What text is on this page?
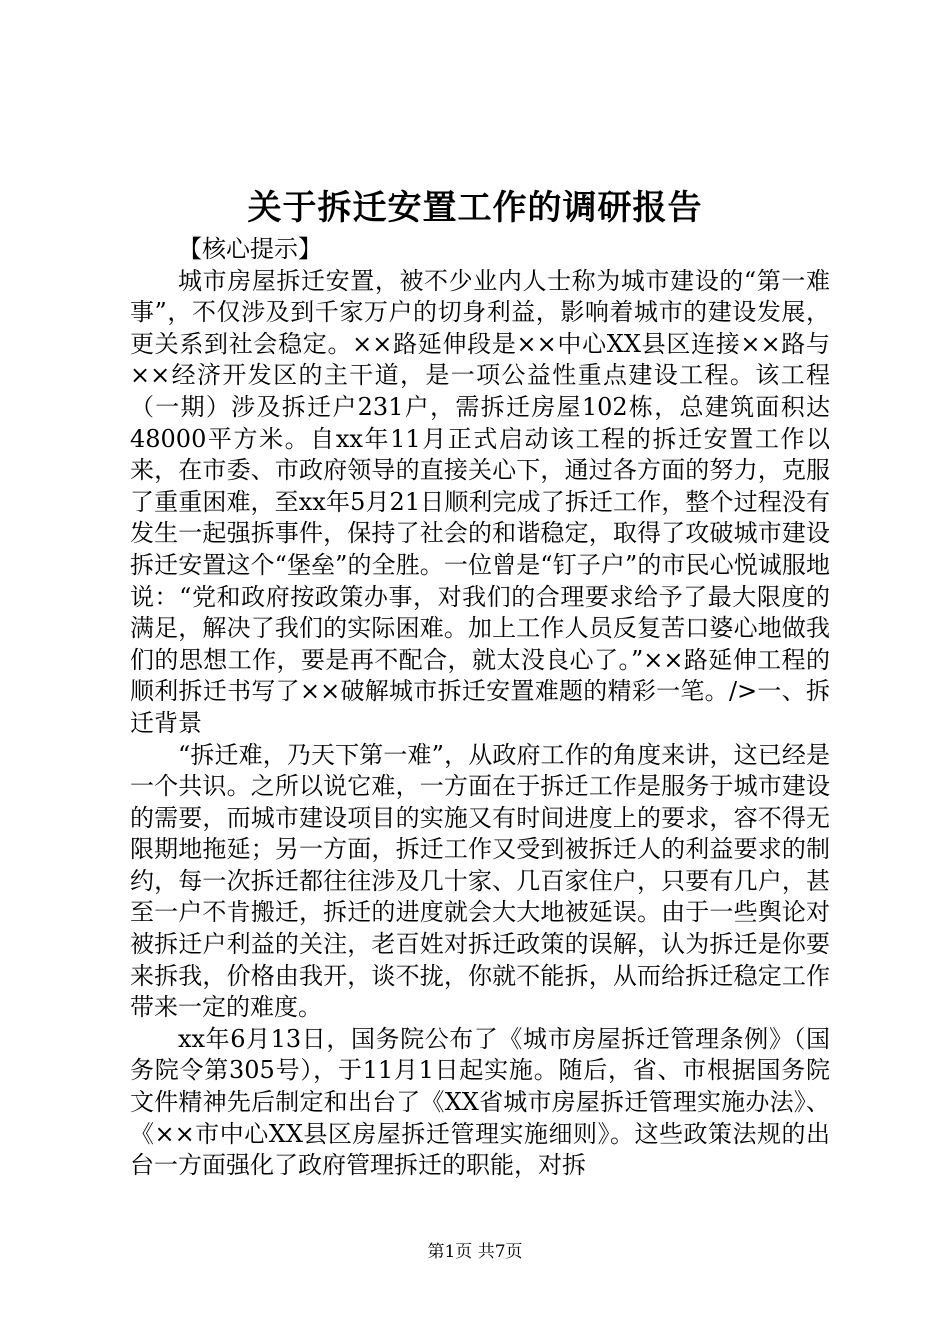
关于拆迁安置工作的调研报告

【核心提示】

城市房屋拆迁安置，被不少业内人士称为城市建设的“第一难事”，不仅涉及到千家万户的切身利益，影响着城市的建设发展，更关系到社会稳定。××路延伸段是××中心XX县区连接××路与××经济开发区的主干道，是一项公益性重点建设工程。该工程（一期）涉及拆迁户231户，需拆迁房屋102栋，总建筑面积达48000平方米。自xx年11月正式启动该工程的拆迁安置工作以来，在市委、市政府领导的直接关心下，通过各方面的努力，克服了重重困难，至xx年5月21日顺利完成了拆迁工作，整个过程没有发生一起强拆事件，保持了社会的和谐稳定，取得了攻破城市建设拆迁安置这个“堡垒”的全胜。一位曾是“钉子户”的市民心悦诚服地说：“党和政府按政策办事，对我们的合理要求给予了最大限度的满足，解决了我们的实际困难。加上工作人员反复苦口婆心地做我们的思想工作，要是再不配合，就太没良心了。”××路延伸工程的顺利拆迁书写了××破解城市拆迁安置难题的精彩一笔。/>一、拆迁背景

“拆迁难，乃天下第一难”，从政府工作的角度来讲，这已经是一个共识。之所以说它难，一方面在于拆迁工作是服务于城市建设的需要，而城市建设项目的实施又有时间进度上的要求，容不得无限期地拖延；另一方面，拆迁工作又受到被拆迁人的利益要求的制约，每一次拆迁都往往涉及几十家、几百家住户，只要有几户，甚至一户不肯搬迁，拆迁的进度就会大大地被延误。由于一些舆论对被拆迁户利益的关注，老百姓对拆迁政策的误解，认为拆迁是你要来拆我，价格由我开，谈不拢，你就不能拆，从而给拆迁稳定工作带来一定的难度。

xx年6月13日，国务院公布了《城市房屋拆迁管理条例》（国务院令第305号），于11月1日起实施。随后，省、市根据国务院文件精神先后制定和出台了《XX省城市房屋拆迁管理实施办法》、《××市中心XX县区房屋拆迁管理实施细则》。这些政策法规的出台一方面强化了政府管理拆迁的职能，对拆

第1页 共7页
